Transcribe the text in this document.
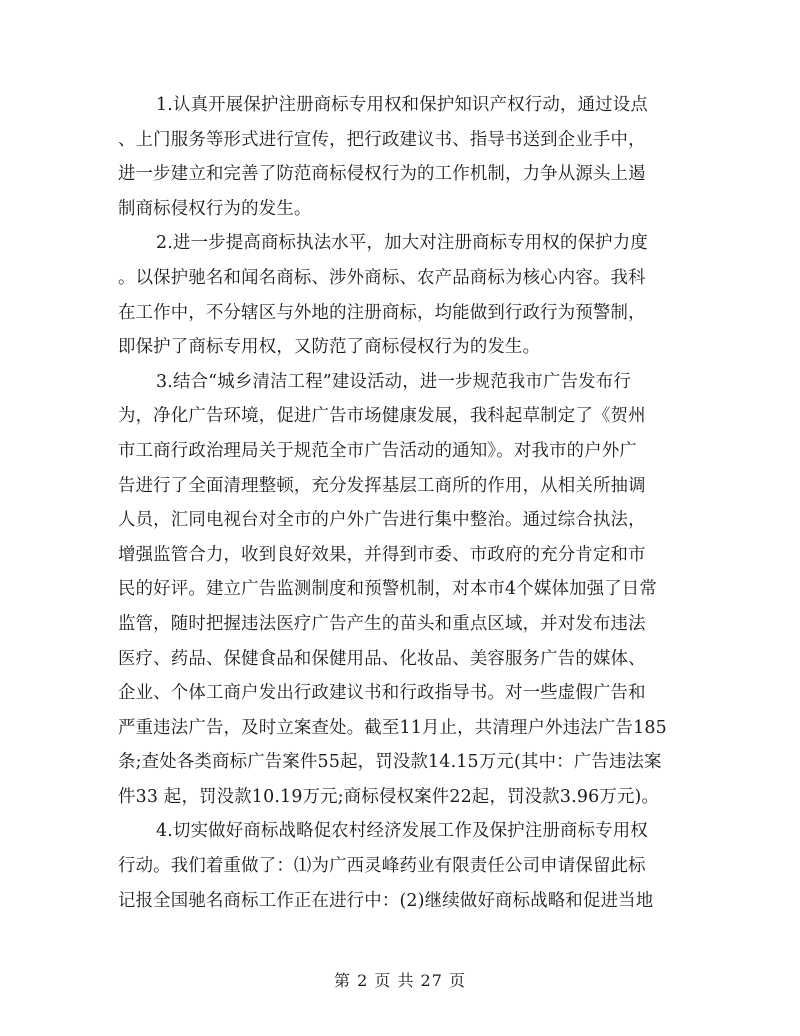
1.认真开展保护注册商标专用权和保护知识产权行动，通过设点
、上门服务等形式进行宣传，把行政建议书、指导书送到企业手中，
进一步建立和完善了防范商标侵权行为的工作机制，力争从源头上遏
制商标侵权行为的发生。
2.进一步提高商标执法水平，加大对注册商标专用权的保护力度
。以保护驰名和闻名商标、涉外商标、农产品商标为核心内容。我科
在工作中，不分辖区与外地的注册商标，均能做到行政行为预警制，
即保护了商标专用权，又防范了商标侵权行为的发生。
3.结合“城乡清洁工程”建设活动，进一步规范我市广告发布行
为，净化广告环境，促进广告市场健康发展，我科起草制定了《贺州
市工商行政治理局关于规范全市广告活动的通知》。对我市的户外广
告进行了全面清理整顿，充分发挥基层工商所的作用，从相关所抽调
人员，汇同电视台对全市的户外广告进行集中整治。通过综合执法，
增强监管合力，收到良好效果，并得到市委、市政府的充分肯定和市
民的好评。建立广告监测制度和预警机制，对本市4个媒体加强了日常
监管，随时把握违法医疗广告产生的苗头和重点区域，并对发布违法
医疗、药品、保健食品和保健用品、化妆品、美容服务广告的媒体、
企业、个体工商户发出行政建议书和行政指导书。对一些虚假广告和
严重违法广告，及时立案查处。截至11月止，共清理户外违法广告185
条;查处各类商标广告案件55起，罚没款14.15万元(其中：广告违法案
件33 起，罚没款10.19万元;商标侵权案件22起，罚没款3.96万元)。
4.切实做好商标战略促农村经济发展工作及保护注册商标专用权
行动。我们着重做了：⑴为广西灵峰药业有限责任公司申请保留此标
记报全国驰名商标工作正在进行中：(2)继续做好商标战略和促进当地
第 2 页 共 27 页
